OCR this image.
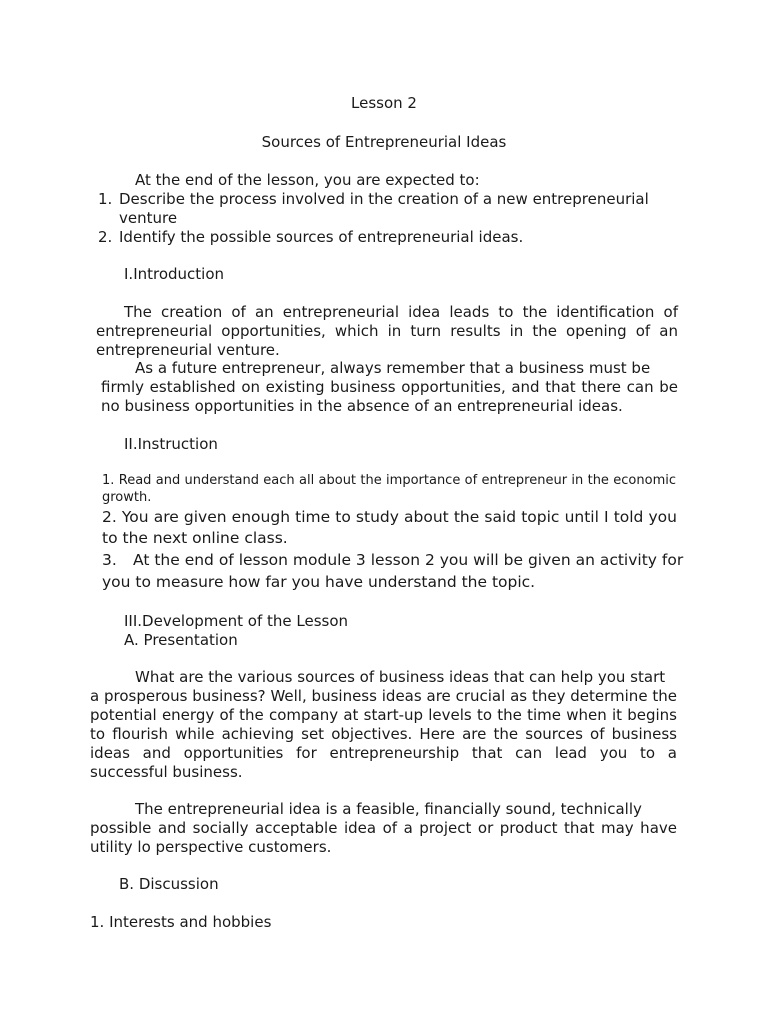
Lesson 2
Sources of Entrepreneurial Ideas
At the end of the lesson, you are expected to:
1. Describe the process involved in the creation of a new entrepreneurial
venture
2. Identify the possible sources of entrepreneurial ideas.
I.Introduction

The creation of an entrepreneurial idea leads to the identification of entrepreneurial opportunities, which in turn results in the opening of an entrepreneurial venture.

As a future entrepreneur, always remember that a business must be

firmly established on existing business opportunities, and that there can be no business opportunities in the absence of an entrepreneurial ideas.

II.Instruction

1. Read and understand each all about the importance of entrepreneur in the economic growth.

2. You are given enough time to study about the said topic until I told you to the next online class.

3. At the end of lesson module 3 lesson 2 you will be given an activity for
you to measure how far you have understand the topic.
III.Development of the Lesson
A. Presentation
What are the various sources of business ideas that can help you start

a prosperous business? Well, business ideas are crucial as they determine the potential energy of the company at start-up levels to the time when it begins to flourish while achieving set objectives. Here are the sources of business ideas and opportunities for entrepreneurship that can lead you to a successful business.

The entrepreneurial idea is a feasible, financially sound, technically

possible and socially acceptable idea of a project or product that may have utility lo perspective customers.

B. Discussion
1. Interests and hobbies
